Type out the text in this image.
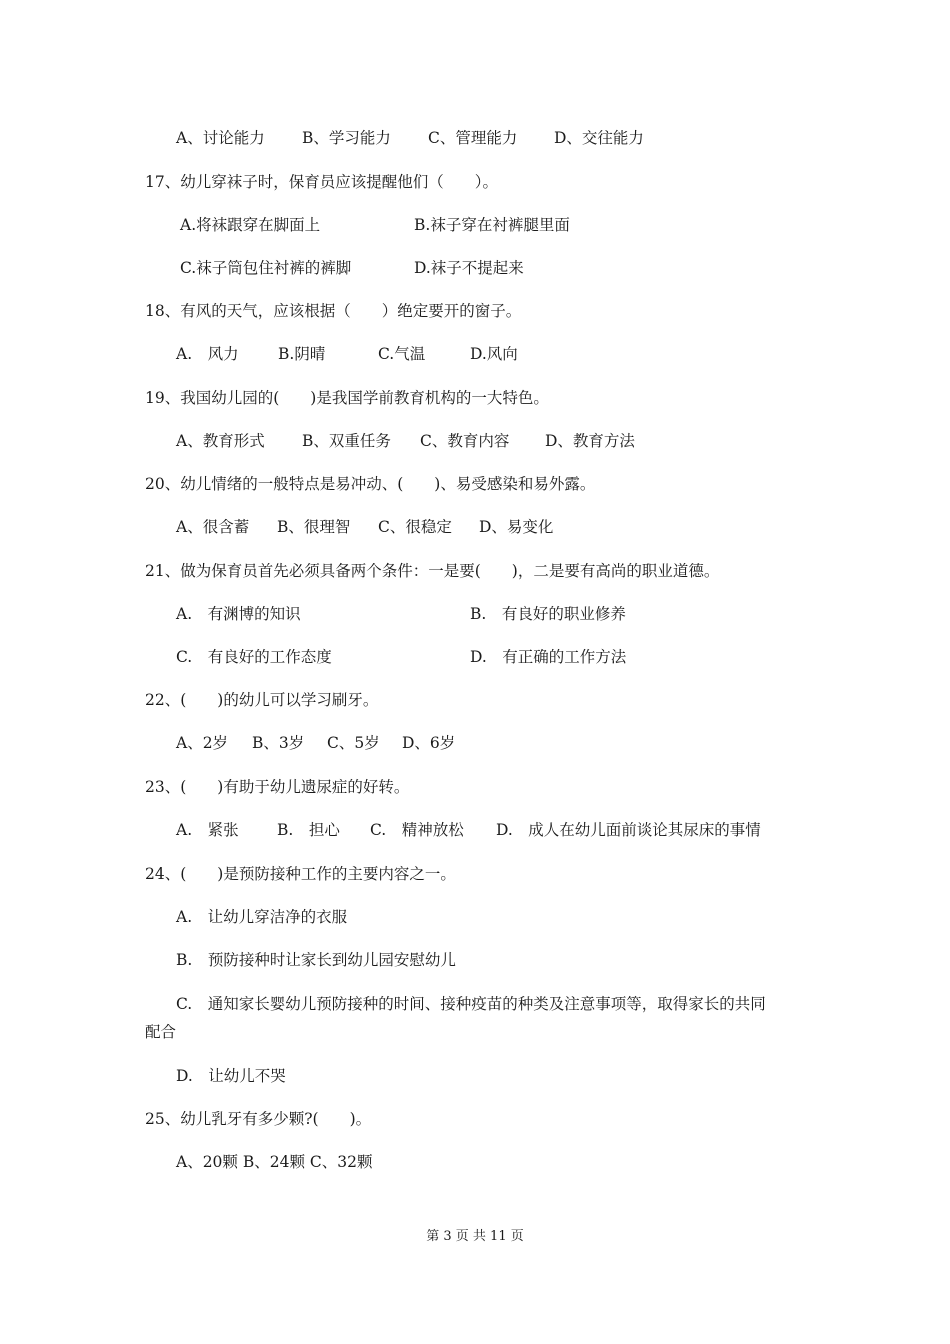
A、讨论能力 B、学习能力 C、管理能力 D、交往能力
17、幼儿穿袜子时，保育员应该提醒他们（　　）。
A.将袜跟穿在脚面上	B.袜子穿在衬裤腿里面
C.袜子筒包住衬裤的裤脚	D.袜子不提起来
18、有风的天气，应该根据（　　）绝定要开的窗子。
A.　风力	B.阴晴	C.气温	D.风向
19、我国幼儿园的(　　)是我国学前教育机构的一大特色。
A、教育形式 B、双重任务 C、教育内容 D、教育方法
20、幼儿情绪的一般特点是易冲动、(　　)、易受感染和易外露。
A、很含蓄 B、很理智 C、很稳定 D、易变化
21、做为保育员首先必须具备两个条件：一是要(　　)，二是要有高尚的职业道德。
A.　有渊博的知识	B.　有良好的职业修养
C.　有良好的工作态度	D.　有正确的工作方法
22、(　　)的幼儿可以学习刷牙。
A、2岁 B、3岁 C、5岁 D、6岁
23、(　　)有助于幼儿遗尿症的好转。
A.　紧张 B.　担心 C.　精神放松 D.　成人在幼儿面前谈论其尿床的事情
24、(　　)是预防接种工作的主要内容之一。
A.　让幼儿穿洁净的衣服
B.　预防接种时让家长到幼儿园安慰幼儿
C.　通知家长婴幼儿预防接种的时间、接种疫苗的种类及注意事项等，取得家长的共同
配合
D.　让幼儿不哭
25、幼儿乳牙有多少颗?(　　)。
A、20颗 B、24颗 C、32颗
第 3 页 共 11 页
